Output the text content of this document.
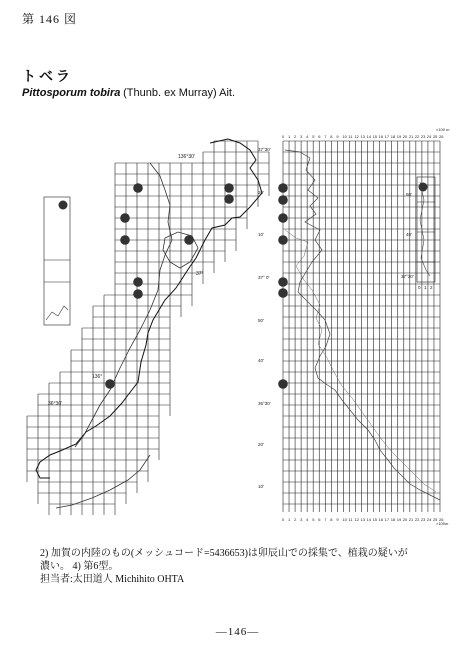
第 146 図
トベラ
Pittosporum tobira (Thunb. ex Murray) Ait.
136°30'
37°
136°
36°30'
0
0
1
1
2
2
3
3
4
4
5
5
6
6
7
7
8
8
9
9
10
10
11
11
12
12
13
13
14
14
15
15
16
16
17
17
18
18
19
19
20
20
21
21
22
22
23
23
24
24
25
25
26
26
×100 m
×100m
37°30'
20'
10'
37° 0'
50'
40'
36°30'
20'
10'
50'
40'
37°30'
0 1 2
2) 加賀の内陸のもの(メッシュコード=5436653)は卯辰山での採集で、植栽の疑いが
濃い。 4) 第6型。
担当者:太田道人 Michihito OHTA
—146—
